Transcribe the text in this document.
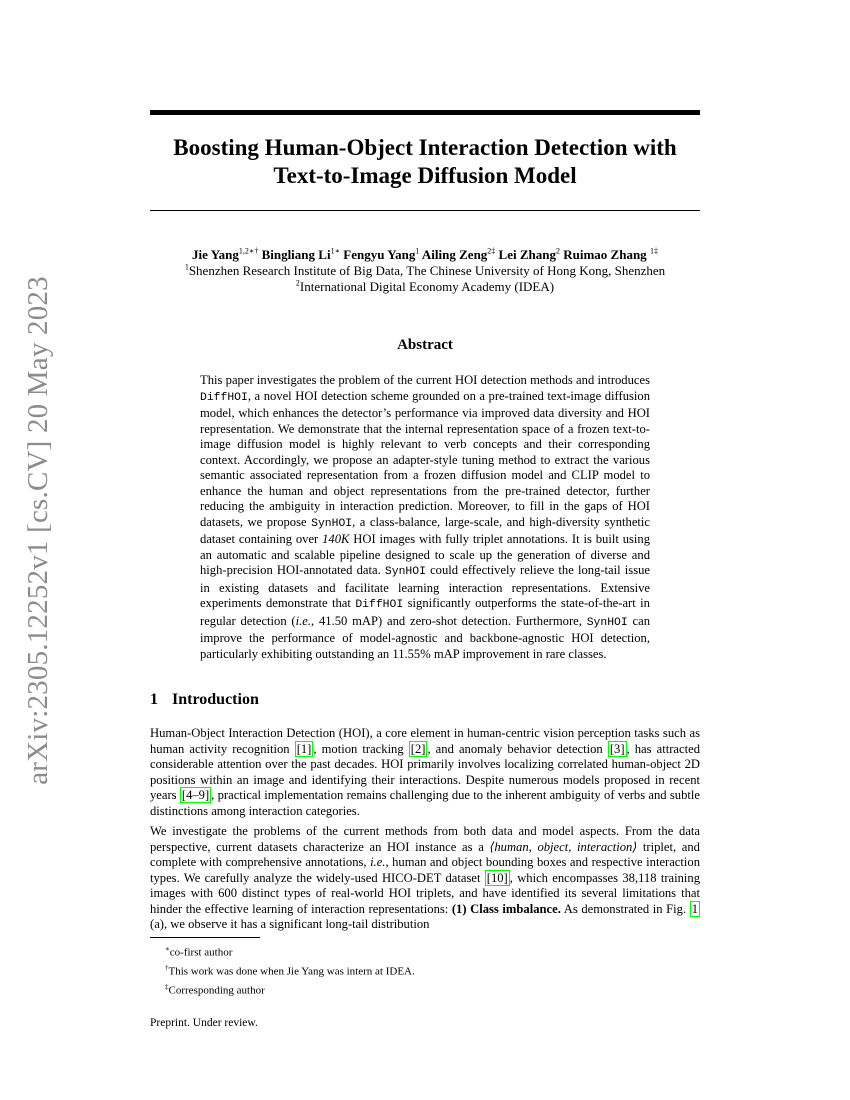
arXiv:2305.12252v1 [cs.CV] 20 May 2023
Boosting Human-Object Interaction Detection with
Text-to-Image Diffusion Model
Jie Yang$^{1,2∗\dagger}$ Bingliang $Li^{1∗}$ Fengyu Yang$^1$ Ailing Zeng$^{2\ddagger}$ Lei Zhang$^2$ Ruimao Zhang $^{1\ddagger}$
$^1$Shenzhen Research Institute of Big Data, The Chinese University of Hong Kong, Shenzhen
$^2$International Digital Economy Academy (IDEA)
Abstract
This paper investigates the problem of the current HOI detection methods and introduces DiffHOI, a novel HOI detection scheme grounded on a pre-trained text-image diffusion model, which enhances the detector’s performance via improved data diversity and HOI representation. We demonstrate that the internal representation space of a frozen text-to-image diffusion model is highly relevant to verb concepts and their corresponding context. Accordingly, we propose an adapter-style tuning method to extract the various semantic associated representation from a frozen diffusion model and CLIP model to enhance the human and object representations from the pre-trained detector, further reducing the ambiguity in interaction prediction. Moreover, to fill in the gaps of HOI datasets, we propose SynHOI, a class-balance, large-scale, and high-diversity synthetic dataset containing over 140K HOI images with fully triplet annotations. It is built using an automatic and scalable pipeline designed to scale up the generation of diverse and high-precision HOI-annotated data. SynHOI could effectively relieve the long-tail issue in existing datasets and facilitate learning interaction representations. Extensive experiments demonstrate that DiffHOI significantly outperforms the state-of-the-art in regular detection (i.e., 41.50 mAP) and zero-shot detection. Furthermore, SynHOI can improve the performance of model-agnostic and backbone-agnostic HOI detection, particularly exhibiting outstanding an 11.55% mAP improvement in rare classes.
1 Introduction
Human-Object Interaction Detection (HOI), a core element in human-centric vision perception tasks such as human activity recognition [1] , motion tracking [2] , and anomaly behavior detection [3] , has attracted considerable attention over the past decades. HOI primarily involves localizing correlated human-object 2D positions within an image and identifying their interactions. Despite numerous models proposed in recent years [4–9] , practical implementation remains challenging due to the inherent ambiguity of verbs and subtle distinctions among interaction categories.
We investigate the problems of the current methods from both data and model aspects. From the data perspective, current datasets characterize an HOI instance as a ⟨human, object, interaction⟩ triplet, and complete with comprehensive annotations, i.e., human and object bounding boxes and respective interaction types. We carefully analyze the widely-used HICO-DET dataset [10] , which encompasses 38,118 training images with 600 distinct types of real-world HOI triplets, and have identified its several limitations that hinder the effective learning of interaction representations: (1) Class imbalance. As demonstrated in Fig. 1 (a), we observe it has a significant long-tail distribution
∗co-first author
†This work was done when Jie Yang was intern at IDEA.
‡Corresponding author
Preprint. Under review.
